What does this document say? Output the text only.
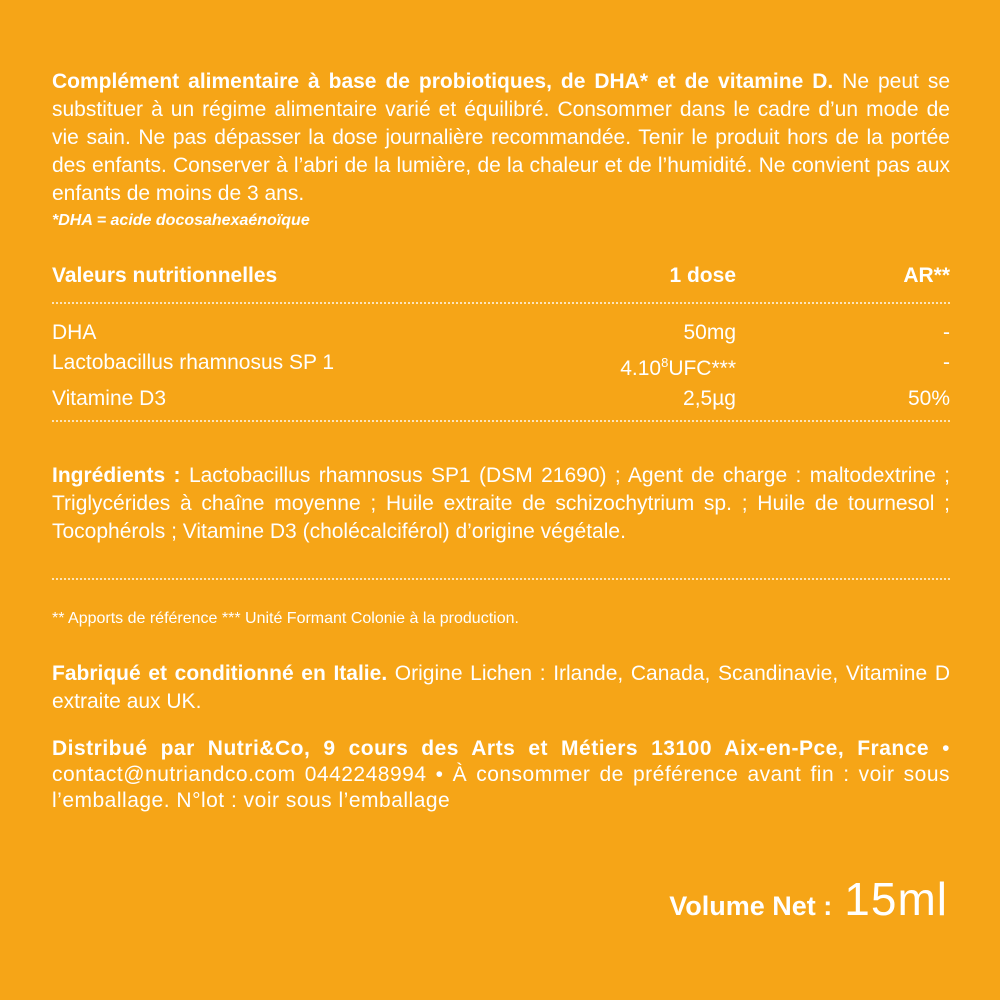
Complément alimentaire à base de probiotiques, de DHA* et de vitamine D. Ne peut se substituer à un régime alimentaire varié et équilibré. Consommer dans le cadre d’un mode de vie sain. Ne pas dépasser la dose journalière recommandée. Tenir le produit hors de la portée des enfants. Conserver à l’abri de la lumière, de la chaleur et de l’humidité. Ne convient pas aux enfants de moins de 3 ans.

*DHA = acide docosahexaénoïque
Valeurs nutritionnelles	1 dose	AR**
DHA	50mg	-
Lactobacillus rhamnosus SP 1	4.10$^8$UFC***	-
Vitamine D3	2,5µg	50%

Ingrédients : Lactobacillus rhamnosus SP1 (DSM 21690) ; Agent de charge : maltodextrine ; Triglycérides à chaîne moyenne ; Huile extraite de schizochytrium sp. ; Huile de tournesol ; Tocophérols ; Vitamine D3 (cholécalciférol) d’origine végétale.

** Apports de référence *** Unité Formant Colonie à la production.

Fabriqué et conditionné en Italie. Origine Lichen : Irlande, Canada, Scandinavie, Vitamine D extraite aux UK.

Distribué par Nutri&Co, 9 cours des Arts et Métiers 13100 Aix-en-Pce, France • contact@nutriandco.com 0442248994 • À consommer de préférence avant fin : voir sous l’emballage. N°lot : voir sous l’emballage

Volume Net : 15ml
